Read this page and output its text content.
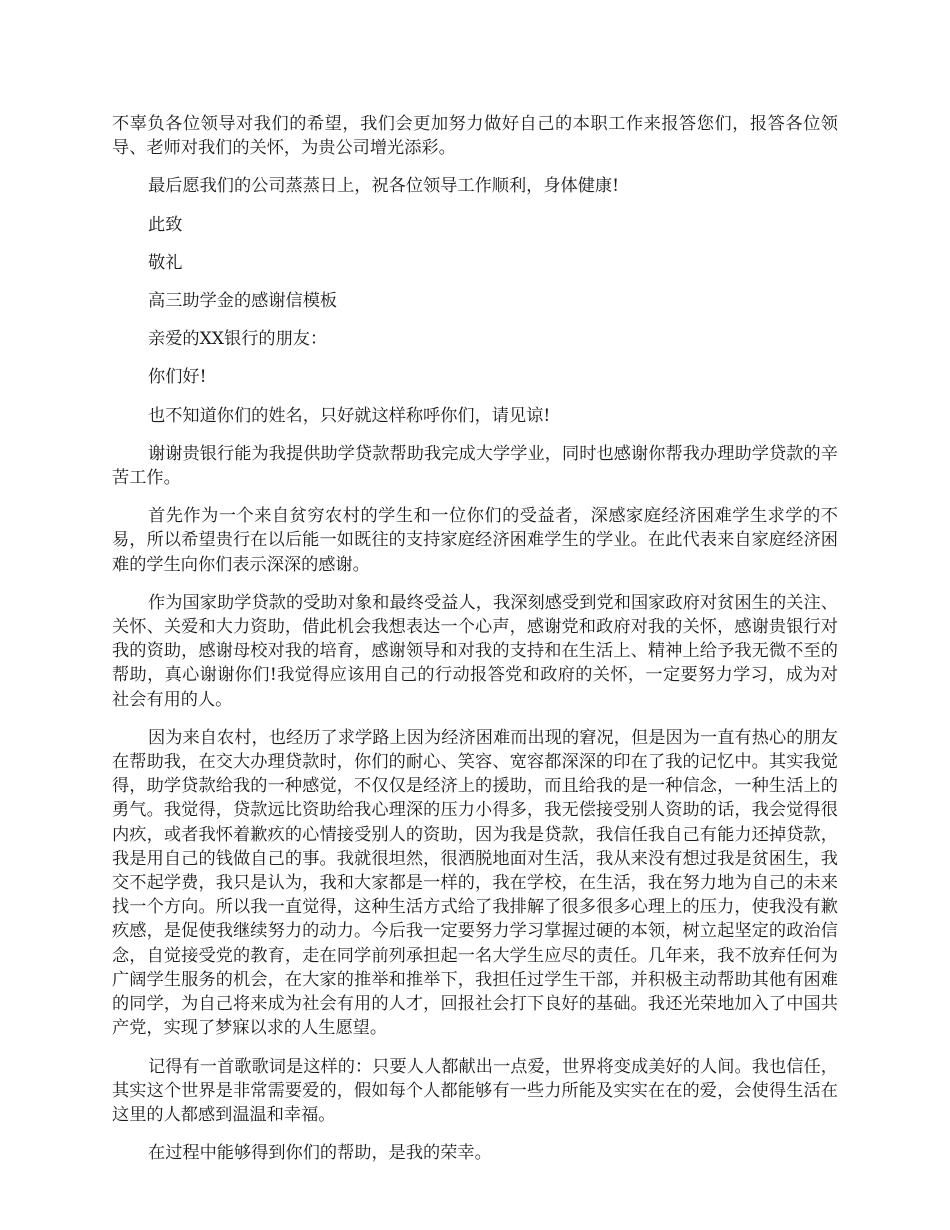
不辜负各位领导对我们的希望，我们会更加努力做好自己的本职工作来报答您们，报答各位领导、老师对我们的关怀，为贵公司增光添彩。

最后愿我们的公司蒸蒸日上，祝各位领导工作顺利，身体健康!

此致

敬礼

高三助学金的感谢信模板

亲爱的XX银行的朋友：

你们好!

也不知道你们的姓名，只好就这样称呼你们，请见谅!

谢谢贵银行能为我提供助学贷款帮助我完成大学学业，同时也感谢你帮我办理助学贷款的辛苦工作。

首先作为一个来自贫穷农村的学生和一位你们的受益者，深感家庭经济困难学生求学的不易，所以希望贵行在以后能一如既往的支持家庭经济困难学生的学业。在此代表来自家庭经济困难的学生向你们表示深深的感谢。

作为国家助学贷款的受助对象和最终受益人，我深刻感受到党和国家政府对贫困生的关注、关怀、关爱和大力资助，借此机会我想表达一个心声，感谢党和政府对我的关怀，感谢贵银行对我的资助，感谢母校对我的培育，感谢领导和对我的支持和在生活上、精神上给予我无微不至的帮助，真心谢谢你们!我觉得应该用自己的行动报答党和政府的关怀，一定要努力学习，成为对社会有用的人。

因为来自农村，也经历了求学路上因为经济困难而出现的窘况，但是因为一直有热心的朋友在帮助我，在交大办理贷款时，你们的耐心、笑容、宽容都深深的印在了我的记忆中。其实我觉得，助学贷款给我的一种感觉，不仅仅是经济上的援助，而且给我的是一种信念，一种生活上的勇气。我觉得，贷款远比资助给我心理深的压力小得多，我无偿接受别人资助的话，我会觉得很内疚，或者我怀着歉疚的心情接受别人的资助，因为我是贷款，我信任我自己有能力还掉贷款，我是用自己的钱做自己的事。我就很坦然，很洒脱地面对生活，我从来没有想过我是贫困生，我交不起学费，我只是认为，我和大家都是一样的，我在学校，在生活，我在努力地为自己的未来找一个方向。所以我一直觉得，这种生活方式给了我排解了很多很多心理上的压力，使我没有歉疚感，是促使我继续努力的动力。今后我一定要努力学习掌握过硬的本领，树立起坚定的政治信念，自觉接受党的教育，走在同学前列承担起一名大学生应尽的责任。几年来，我不放弃任何为广阔学生服务的机会，在大家的推举和推举下，我担任过学生干部，并积极主动帮助其他有困难的同学，为自己将来成为社会有用的人才，回报社会打下良好的基础。我还光荣地加入了中国共产党，实现了梦寐以求的人生愿望。

记得有一首歌歌词是这样的：只要人人都献出一点爱，世界将变成美好的人间。我也信任，其实这个世界是非常需要爱的，假如每个人都能够有一些力所能及实实在在的爱，会使得生活在这里的人都感到温温和幸福。

在过程中能够得到你们的帮助，是我的荣幸。
